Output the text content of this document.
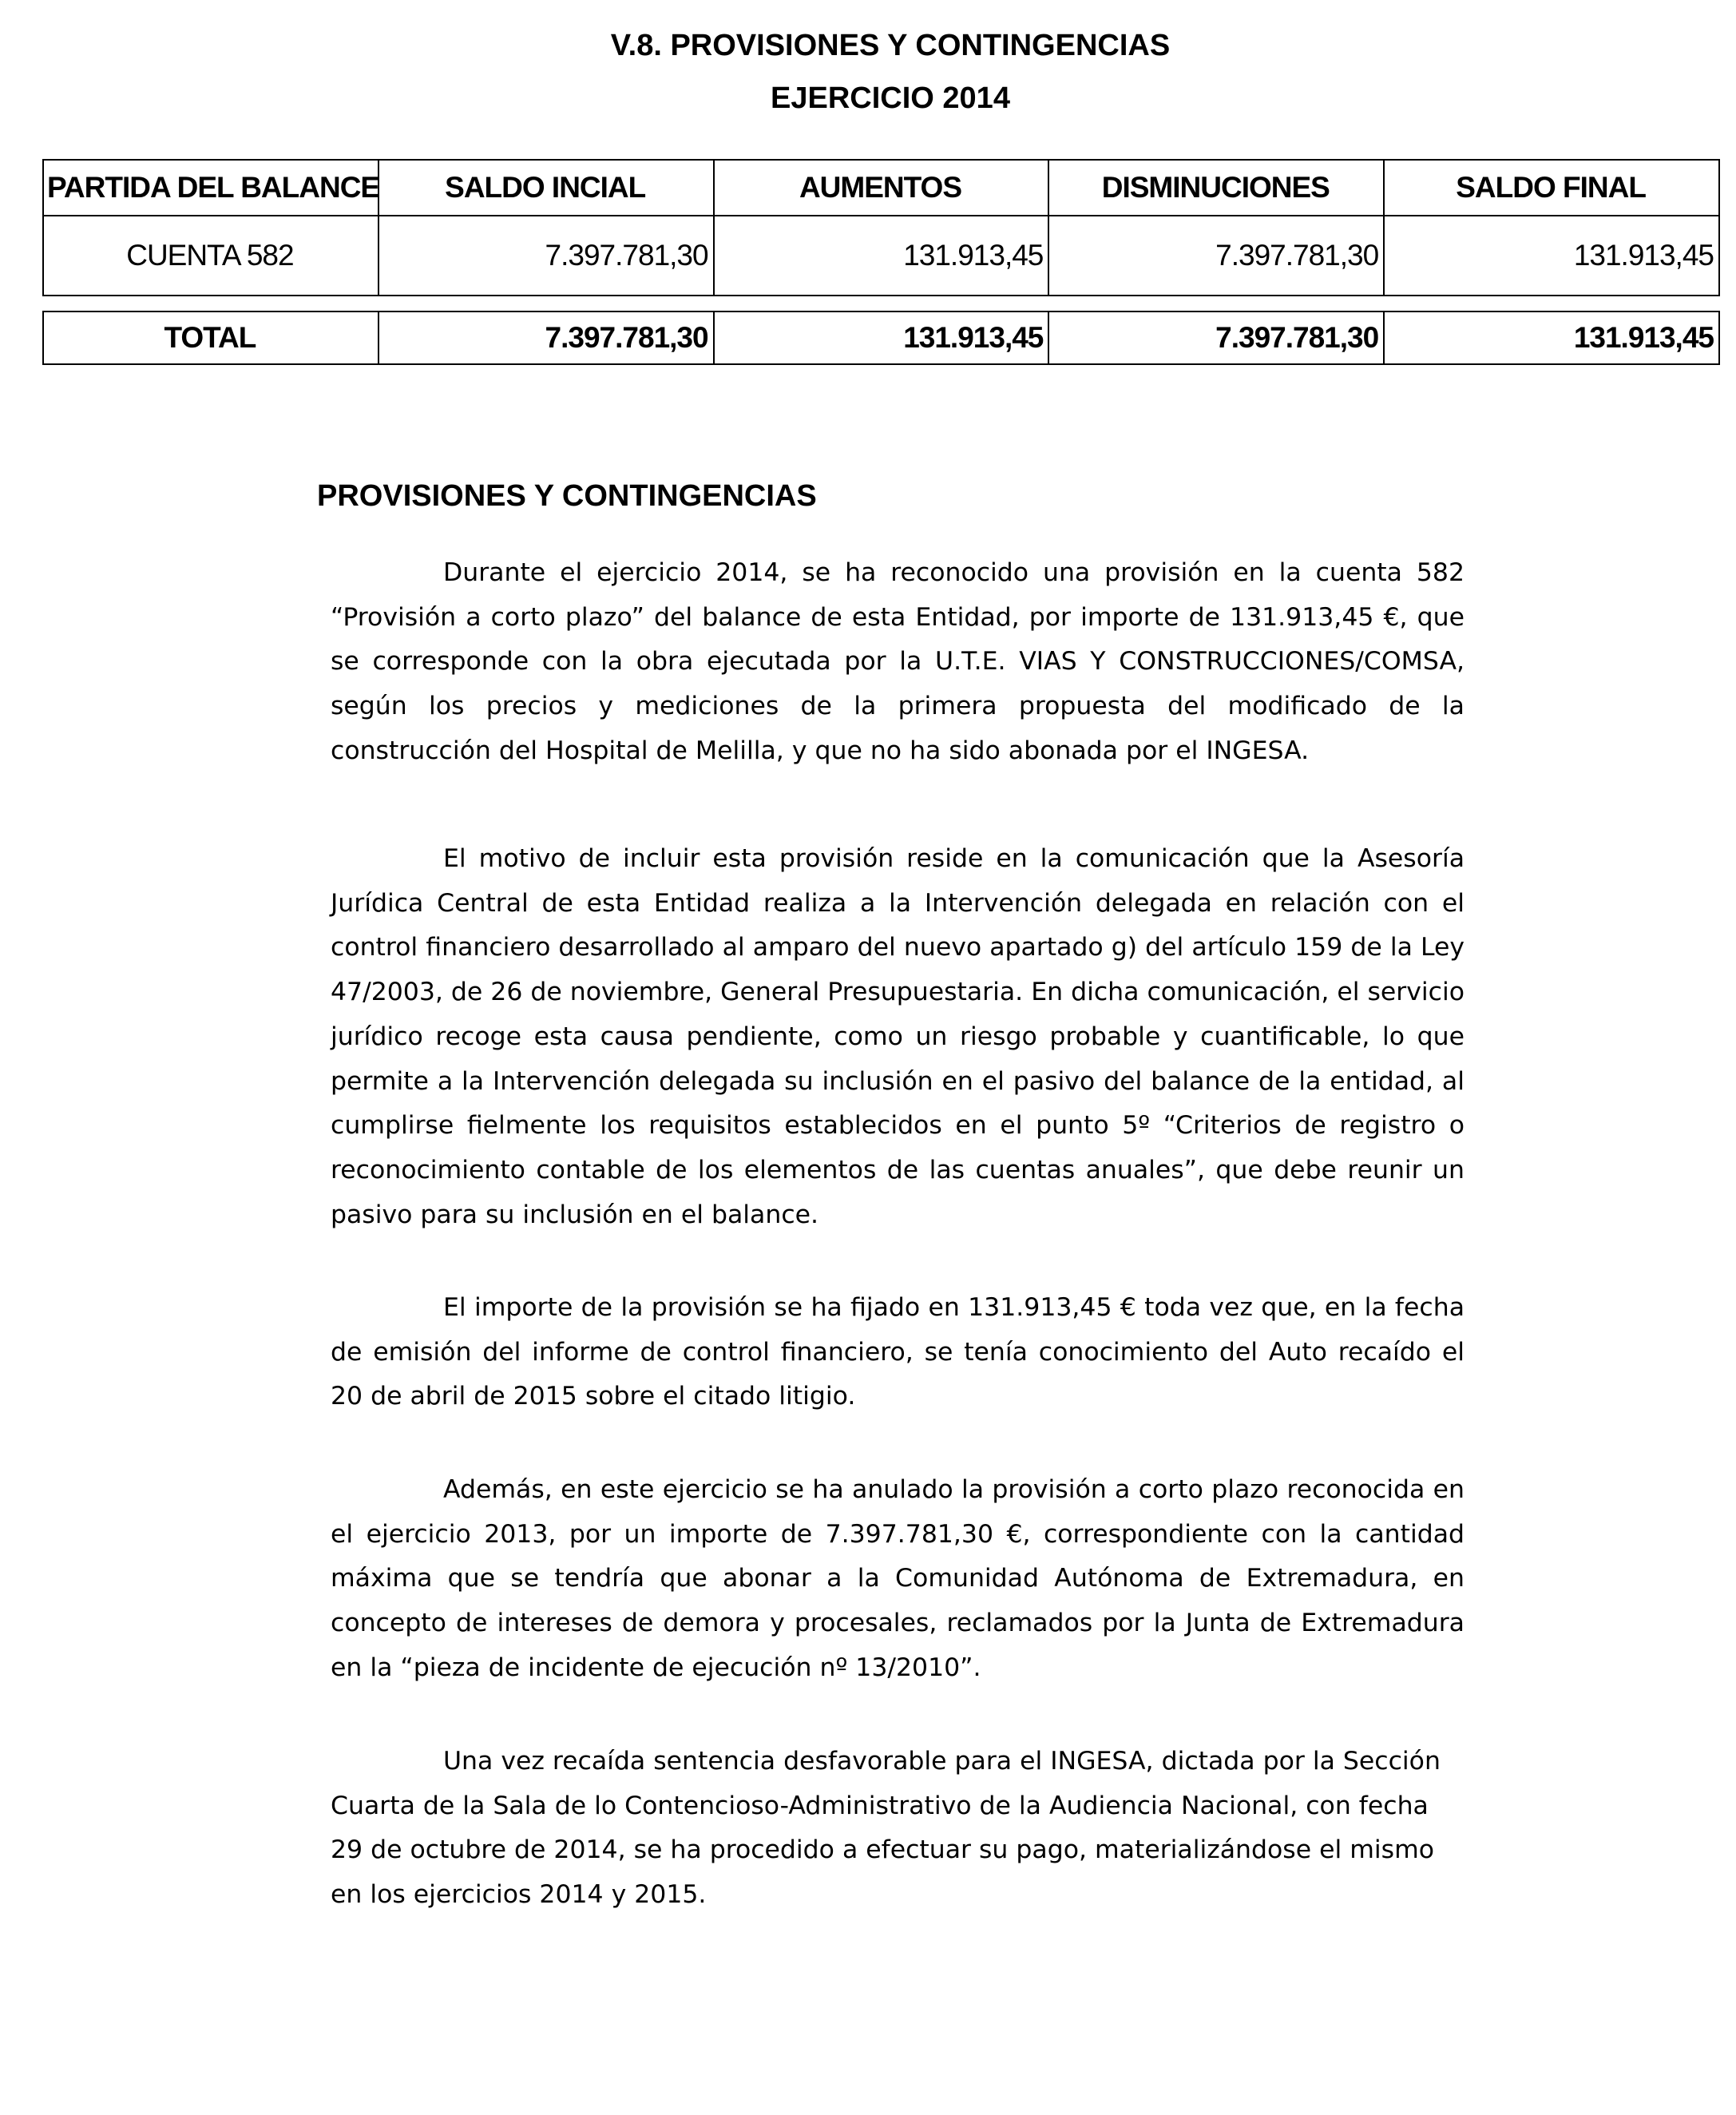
V.8. PROVISIONES Y CONTINGENCIAS
EJERCICIO 2014
PARTIDA DEL BALANCE	SALDO INCIAL	AUMENTOS	DISMINUCIONES	SALDO FINAL
CUENTA 582	7.397.781,30	131.913,45	7.397.781,30	131.913,45
TOTAL	7.397.781,30	131.913,45	7.397.781,30	131.913,45
PROVISIONES Y CONTINGENCIAS

Durante el ejercicio 2014, se ha reconocido una provisión en la cuenta 582 “Provisión a corto plazo” del balance de esta Entidad, por importe de 131.913,45 €, que se corresponde con la obra ejecutada por la U.T.E. VIAS Y CONSTRUCCIONES/COMSA, según los precios y mediciones de la primera propuesta del modificado de la construcción del Hospital de Melilla, y que no ha sido abonada por el INGESA.

El motivo de incluir esta provisión reside en la comunicación que la Asesoría Jurídica Central de esta Entidad realiza a la Intervención delegada en relación con el control financiero desarrollado al amparo del nuevo apartado g) del artículo 159 de la Ley 47/2003, de 26 de noviembre, General Presupuestaria. En dicha comunicación, el servicio jurídico recoge esta causa pendiente, como un riesgo probable y cuantificable, lo que permite a la Intervención delegada su inclusión en el pasivo del balance de la entidad, al cumplirse fielmente los requisitos establecidos en el punto 5º “Criterios de registro o reconocimiento contable de los elementos de las cuentas anuales”, que debe reunir un pasivo para su inclusión en el balance.

El importe de la provisión se ha fijado en 131.913,45 € toda vez que, en la fecha de emisión del informe de control financiero, se tenía conocimiento del Auto recaído el 20 de abril de 2015 sobre el citado litigio.

Además, en este ejercicio se ha anulado la provisión a corto plazo reconocida en el ejercicio 2013, por un importe de 7.397.781,30 €, correspondiente con la cantidad máxima que se tendría que abonar a la Comunidad Autónoma de Extremadura, en concepto de intereses de demora y procesales, reclamados por la Junta de Extremadura en la “pieza de incidente de ejecución nº 13/2010”.

Una vez recaída sentencia desfavorable para el INGESA, dictada por la Sección Cuarta de la Sala de lo Contencioso-Administrativo de la Audiencia Nacional, con fecha 29 de octubre de 2014, se ha procedido a efectuar su pago, materializándose el mismo en los ejercicios 2014 y 2015.
